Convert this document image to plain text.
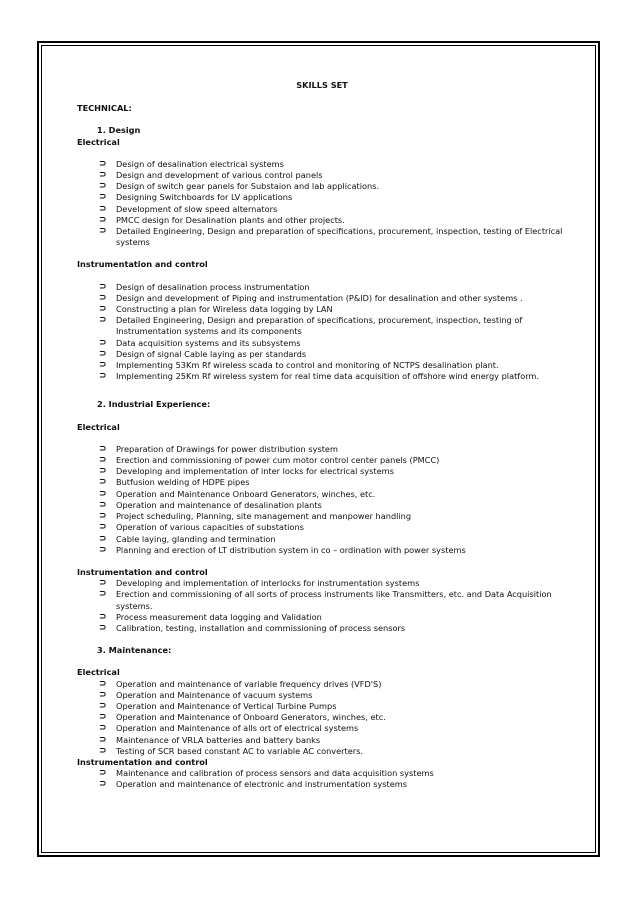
SKILLS SET
TECHNICAL:
1. Design
Electrical
⊃ Design of desalination electrical systems
⊃ Design and development of various control panels
⊃ Design of switch gear panels for Substaion and lab applications.
⊃ Designing Switchboards for LV applications
⊃ Development of slow speed alternators
⊃ PMCC design for Desalination plants and other projects.
⊃ Detailed Engineering, Design and preparation of specifications, procurement, inspection, testing of Electrical systems
Instrumentation and control
⊃ Design of desalination process instrumentation
⊃ Design and development of Piping and instrumentation (P&ID) for desalination and other systems .
⊃ Constructing a plan for Wireless data logging by LAN
⊃ Detailed Engineering, Design and preparation of specifications, procurement, inspection, testing of Instrumentation systems and its components
⊃ Data acquisition systems and its subsystems
⊃ Design of signal Cable laying as per standards
⊃ Implementing 53Km Rf wireless scada to control and monitoring of NCTPS desalination plant.
⊃ Implementing 25Km Rf wireless system for real time data acquisition of offshore wind energy platform.
2. Industrial Experience:
Electrical
⊃ Preparation of Drawings for power distribution system
⊃ Erection and commissioning of power cum motor control center panels (PMCC)
⊃ Developing and implementation of inter locks for electrical systems
⊃ Butfusion welding of HDPE pipes
⊃ Operation and Maintenance Onboard Generators, winches, etc.
⊃ Operation and maintenance of desalination plants
⊃ Project scheduling, Planning, site management and manpower handling
⊃ Operation of various capacities of substations
⊃ Cable laying, glanding and termination
⊃ Planning and erection of LT distribution system in co – ordination with power systems
Instrumentation and control
⊃ Developing and implementation of interlocks for instrumentation systems
⊃ Erection and commissioning of all sorts of process instruments like Transmitters, etc. and Data Acquisition systems.
⊃ Process measurement data logging and Validation
⊃ Calibration, testing, installation and commissioning of process sensors
3. Maintenance:
Electrical
⊃ Operation and maintenance of variable frequency drives (VFD'S)
⊃ Operation and Maintenance of vacuum systems
⊃ Operation and Maintenance of Vertical Turbine Pumps
⊃ Operation and Maintenance of Onboard Generators, winches, etc.
⊃ Operation and Maintenance of alls ort of electrical systems
⊃ Maintenance of VRLA batteries and battery banks
⊃ Testing of SCR based constant AC to variable AC converters.
Instrumentation and control
⊃ Maintenance and calibration of process sensors and data acquisition systems
⊃ Operation and maintenance of electronic and instrumentation systems
